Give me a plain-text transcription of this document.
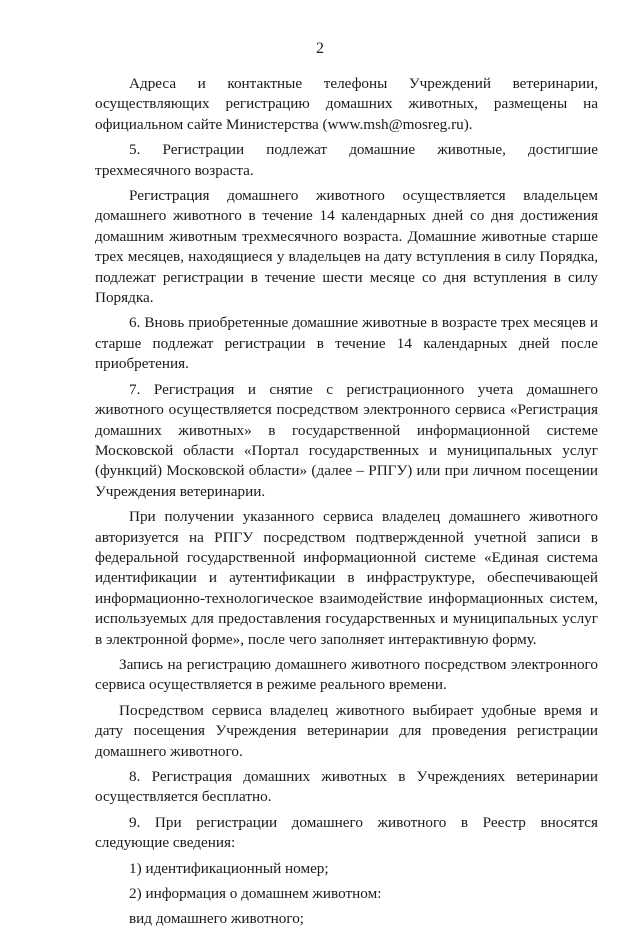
2

Адреса и контактные телефоны Учреждений ветеринарии, осуществляющих регистрацию домашних животных, размещены на официальном сайте Министерства (www.msh@mosreg.ru).

5. Регистрации подлежат домашние животные, достигшие трехмесячного возраста.

Регистрация домашнего животного осуществляется владельцем домашнего животного в течение 14 календарных дней со дня достижения домашним животным трехмесячного возраста. Домашние животные старше трех месяцев, находящиеся у владельцев на дату вступления в силу Порядка, подлежат регистрации в течение шести месяце со дня вступления в силу Порядка.

6. Вновь приобретенные домашние животные в возрасте трех месяцев и старше подлежат регистрации в течение 14 календарных дней после приобретения.

7. Регистрация и снятие с регистрационного учета домашнего животного осуществляется посредством электронного сервиса «Регистрация домашних животных» в государственной информационной системе Московской области «Портал государственных и муниципальных услуг (функций) Московской области» (далее – РПГУ) или при личном посещении Учреждения ветеринарии.

При получении указанного сервиса владелец домашнего животного авторизуется на РПГУ посредством подтвержденной учетной записи в федеральной государственной информационной системе «Единая система идентификации и аутентификации в инфраструктуре, обеспечивающей информационно-технологическое взаимодействие информационных систем, используемых для предоставления государственных и муниципальных услуг в электронной форме», после чего заполняет интерактивную форму.

Запись на регистрацию домашнего животного посредством электронного сервиса осуществляется в режиме реального времени.

Посредством сервиса владелец животного выбирает удобные время и дату посещения Учреждения ветеринарии для проведения регистрации домашнего животного.

8. Регистрация домашних животных в Учреждениях ветеринарии осуществляется бесплатно.

9. При регистрации домашнего животного в Реестр вносятся следующие сведения:

1) идентификационный номер;
2) информация о домашнем животном:
вид домашнего животного;
